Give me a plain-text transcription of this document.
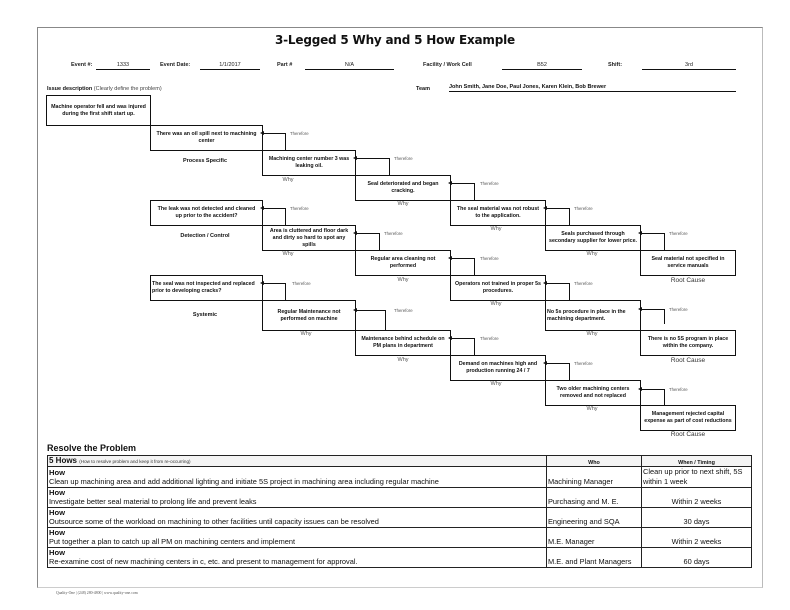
3-Legged 5 Why and 5 How Example
Event #:	1333	Event Date:	1/1/2017	Part #	N/A	Facility / Work Cell	B52	Shift:	3rd
Issue description (Clearly define the problem)	Team	John Smith, Jane Doe, Paul Jones, Karen Klein, Bob Brewer
Machine operator fell and was injured during the first shift start up.
Process Specific
There was an oil spill next to machining center
Therefore
Machining center number 3 was leaking oil.
Why
Therefore
Seal deteriorated and began cracking.
Why
Therefore
The seal material was not robust to the application.
Why
Therefore
Seals purchased through secondary supplier for lower price.
Why
Therefore
Seal material not specified in service manuals
Root Cause
Detection / Control
The leak was not detected and cleaned up prior to the accident?
Therefore
Area is cluttered and floor dark and dirty so hard to spot any spills
Why
Therefore
Regular area cleaning not performed
Why
Therefore
Operators not trained in proper 5s procedures.
Why
Therefore
No 5s procedure in place in the machining department.
Why
Therefore
There is no 5S program in place within the company.
Root Cause
Systemic
The seal was not inspected and replaced prior to developing cracks?
Therefore
Regular Maintenance not performed on machine
Why
Therefore
Maintenance behind schedule on PM plans in department
Why
Therefore
Demand on machines high and production running 24 / 7
Why
Therefore
Two older machining centers removed and not replaced
Why
Therefore
Management rejected capital expense as part of cost reductions
Root Cause
Resolve the Problem
5 Hows (How to resolve problem and keep it from re-occurring)	Who	When / Timing

How
Clean up machining area and add additional lighting and initiate 5S project in machining area including regular machine	Machining Manager	Clean up prior to next shift, 5S within 1 week

How
Investigate better seal material to prolong life and prevent leaks	Purchasing and M. E.	Within 2 weeks

How
Outsource some of the workload on machining to other facilities until capacity issues can be resolved	Engineering and SQA	30 days

How
Put together a plan to catch up all PM on machining centers and implement	M.E. Manager	Within 2 weeks

How
Re-examine cost of new machining centers in c, etc. and present to management for approval.	M.E. and Plant Managers	60 days
Quality-One | (248) 280-4800 | www.quality-one.com
